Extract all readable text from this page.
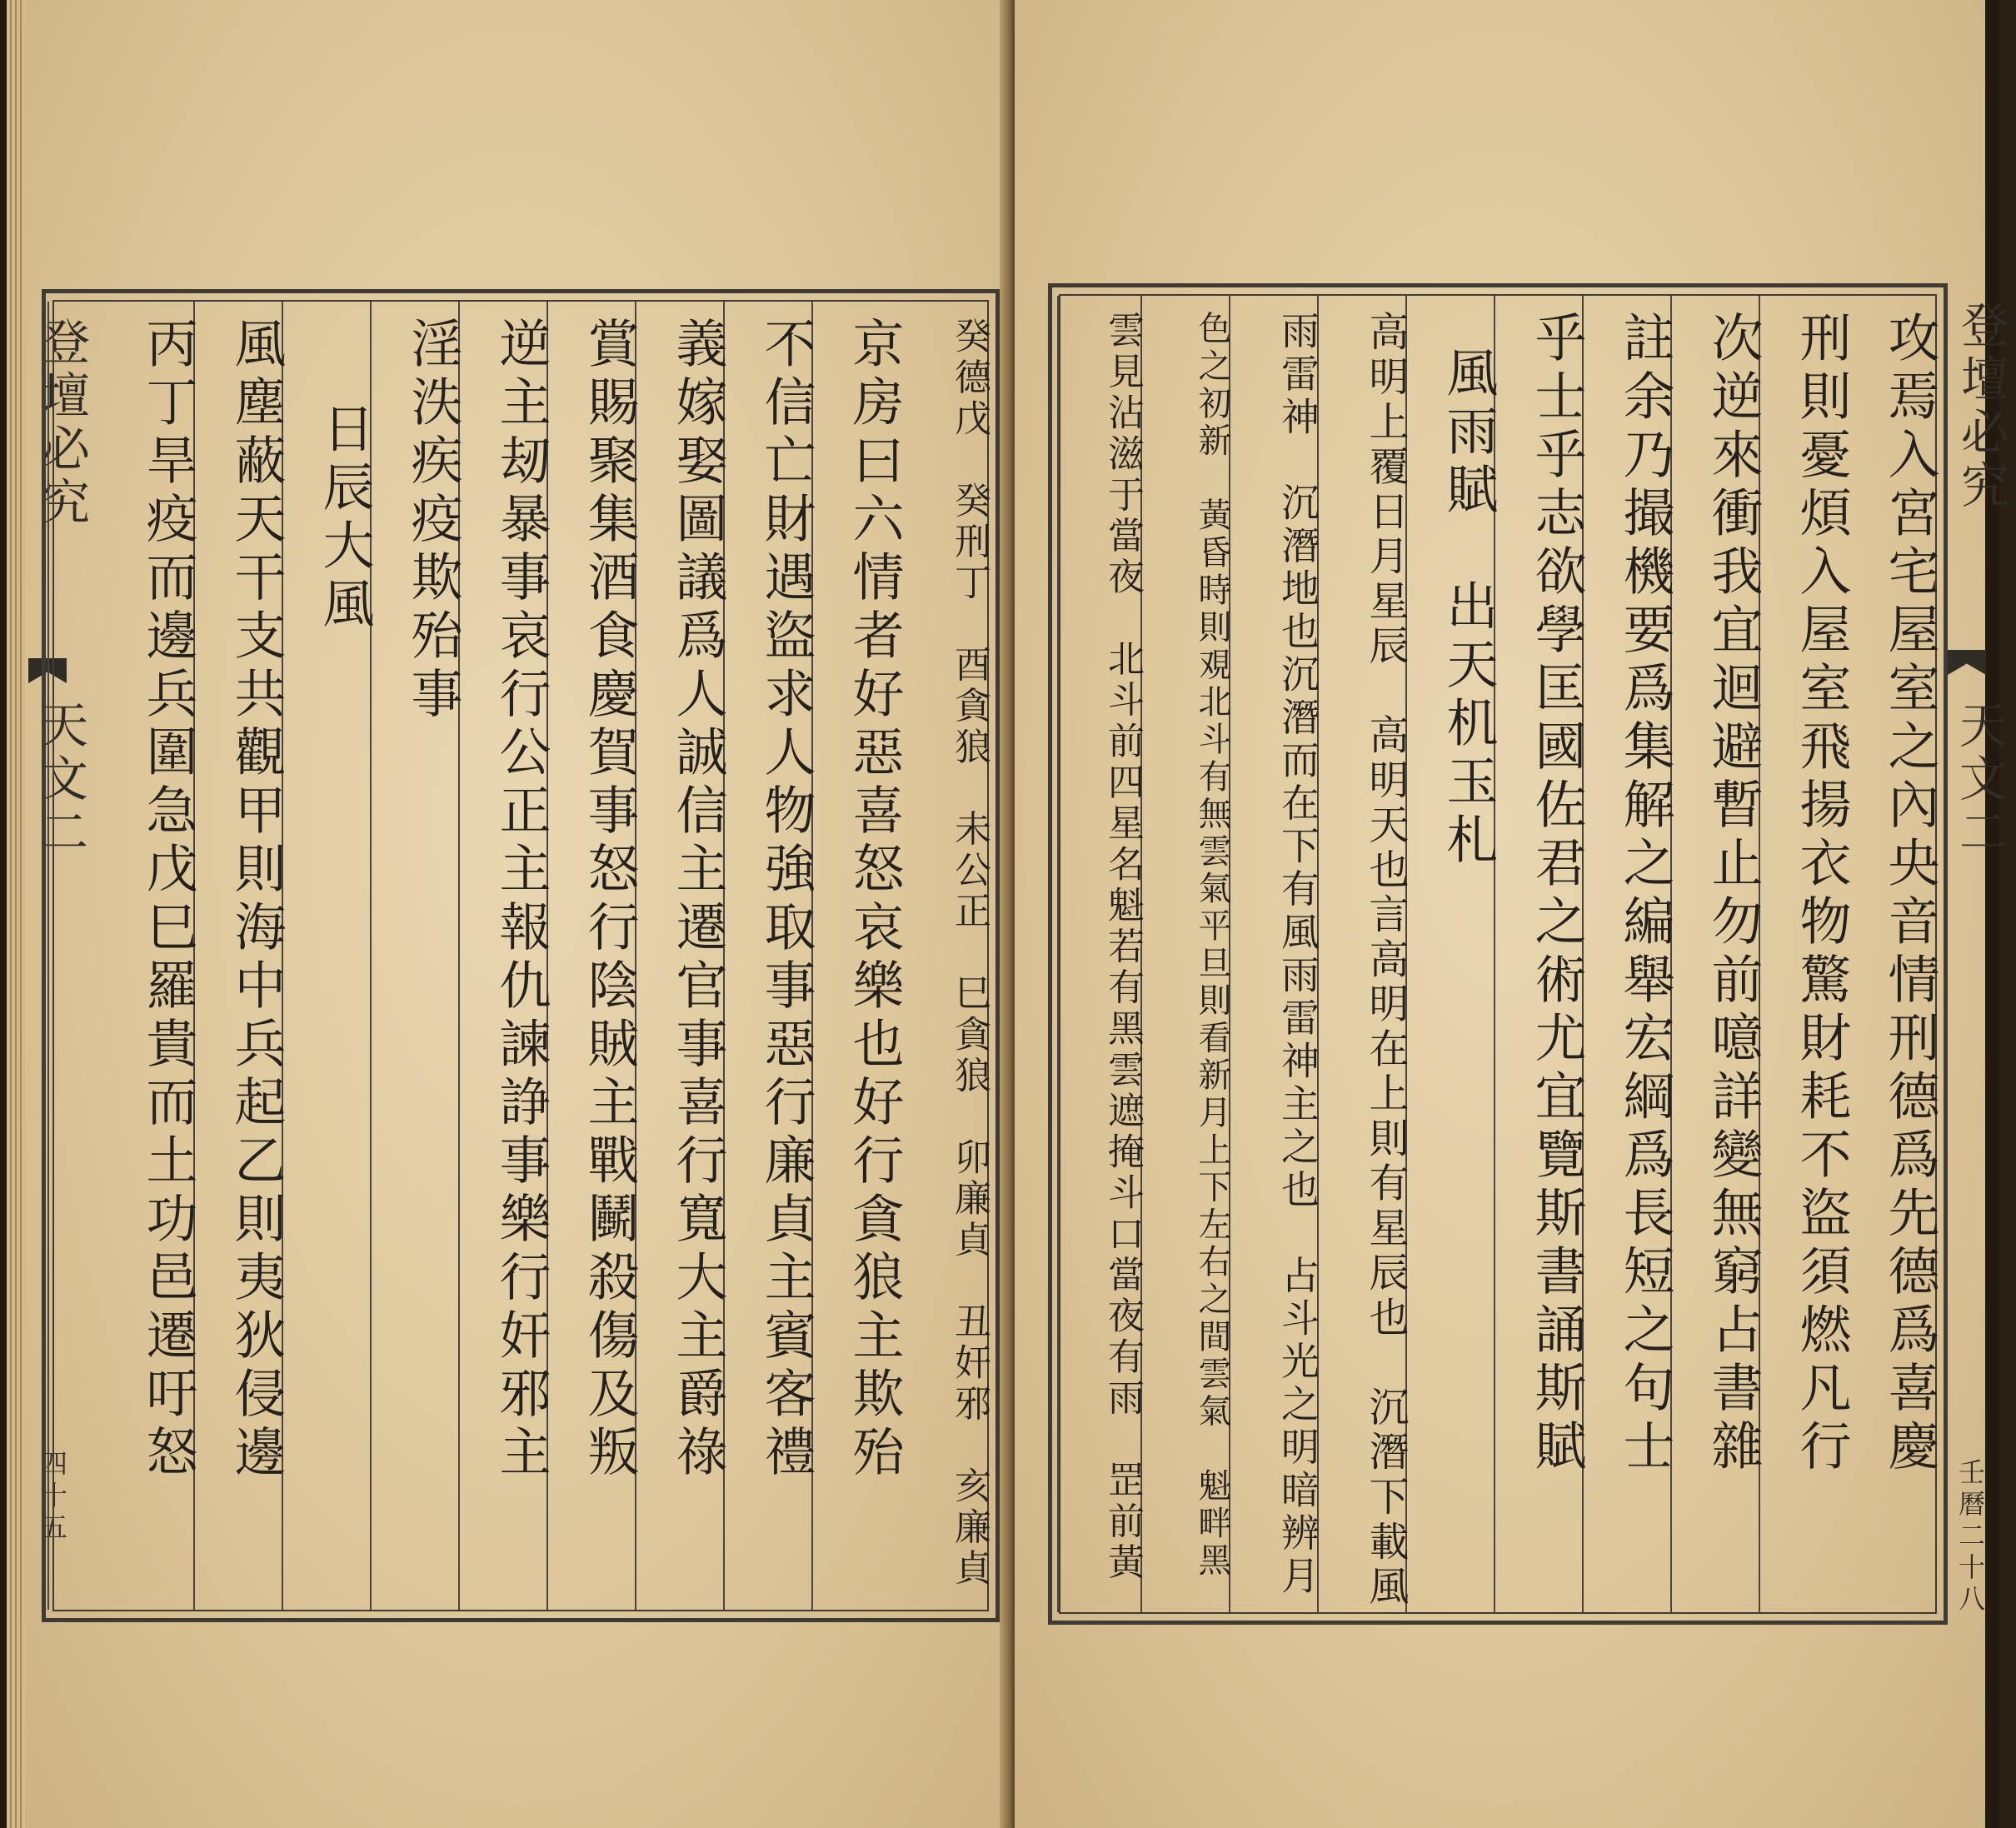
登壇必究
天文二
四十五	癸德戊　癸刑丁　酉貪狼　未公正　巳貪狼　卯廉貞　丑奸邪　亥廉貞
京房曰六情者好惡喜怒哀樂也好行貪狼主欺殆
不信亡財遇盜求人物強取事惡行廉貞主賓客禮
義嫁娶圖議爲人誠信主遷官事喜行寬大主爵祿
賞賜聚集酒食慶賀事怒行陰賊主戰鬭殺傷及叛
逆主刼暴事哀行公正主報仇諫諍事樂行奸邪主
淫泆疾疫欺殆事
日辰大風
風塵蔽天干支共觀甲則海中兵起乙則夷狄侵邊
丙丁旱疫而邊兵圍急戊巳羅貴而土功邑遷吁怒	登壇必究
天文二
壬曆二十八
攻焉入宮宅屋室之內央音情刑德爲先德爲喜慶
刑則憂煩入屋室飛揚衣物驚財耗不盜須燃凡行
次逆來衝我宜迴避暫止勿前噫詳變無窮占書雜
註余乃撮機要爲集解之編舉宏綱爲長短之句士
乎士乎志欲學匡國佐君之術尤宜覽斯書誦斯賦
風雨賦　出天机玉札
高明上覆日月星辰　高明天也言高明在上則有星辰也　沉潛下載風
雨雷神　沉潛地也沉潛而在下有風雨雷神主之也　占斗光之明暗辨月
色之初新　黃昏時則覌北斗有無雲氣平旦則看新月上下左右之間雲氣　魁畔黑
雲見沾滋于當夜　北斗前四星名魁若有黑雲遮掩斗口當夜有雨　罡前黃
